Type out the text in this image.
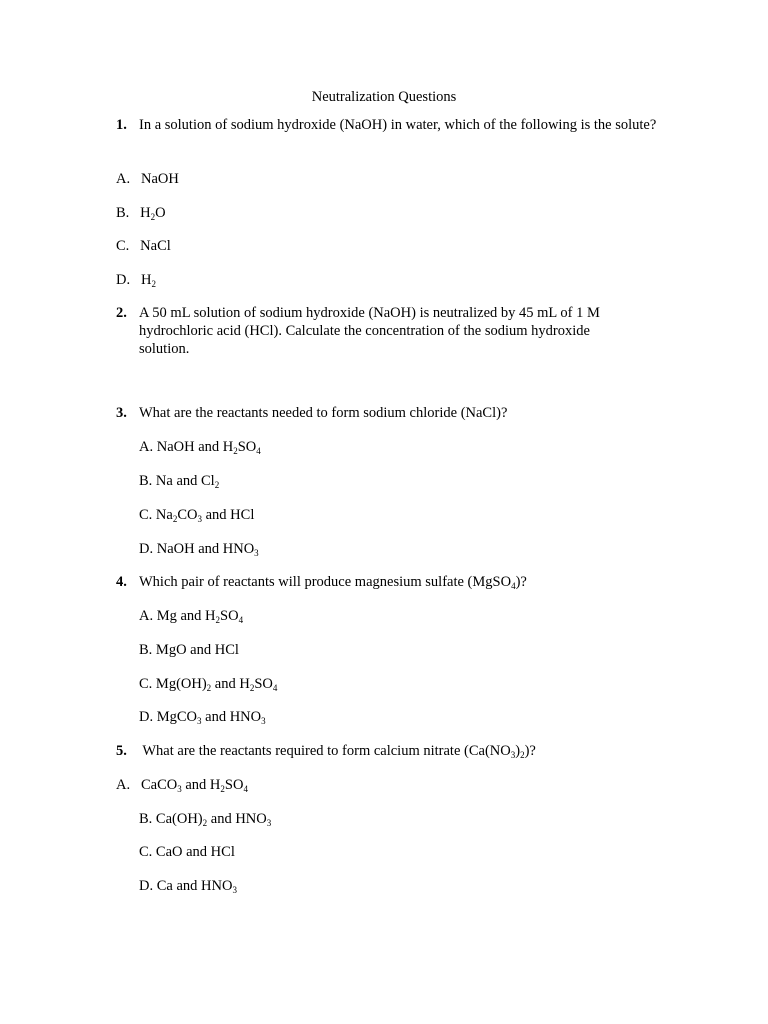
Neutralization Questions
1. In a solution of sodium hydroxide (NaOH) in water, which of the following is the solute?
A. NaOH
B. $H_2O$
C. NaCl
D. $H_2$
2. A 50 mL solution of sodium hydroxide (NaOH) is neutralized by 45 mL of 1 M hydrochloric acid (HCl). Calculate the concentration of the sodium hydroxide solution.
3. What are the reactants needed to form sodium chloride (NaCl)?
A. NaOH and $H_2SO_4$
B. Na and $Cl_2$
C. $Na_2CO_3$ and HCl
D. NaOH and $HNO_3$
4. Which pair of reactants will produce magnesium sulfate (MgSO$_4$)?
A. Mg and $H_2SO_4$
B. MgO and HCl
C. $Mg(OH)_2$ and $H_2SO_4$
D. MgCO$_3$ and $HNO_3$
5. What are the reactants required to form calcium nitrate $(Ca(NO_3)_2)$?
A. CaCO$_3$ and $H_2SO_4$
B. $Ca(OH)_2$ and $HNO_3$
C. CaO and HCl
D. Ca and $HNO_3$
